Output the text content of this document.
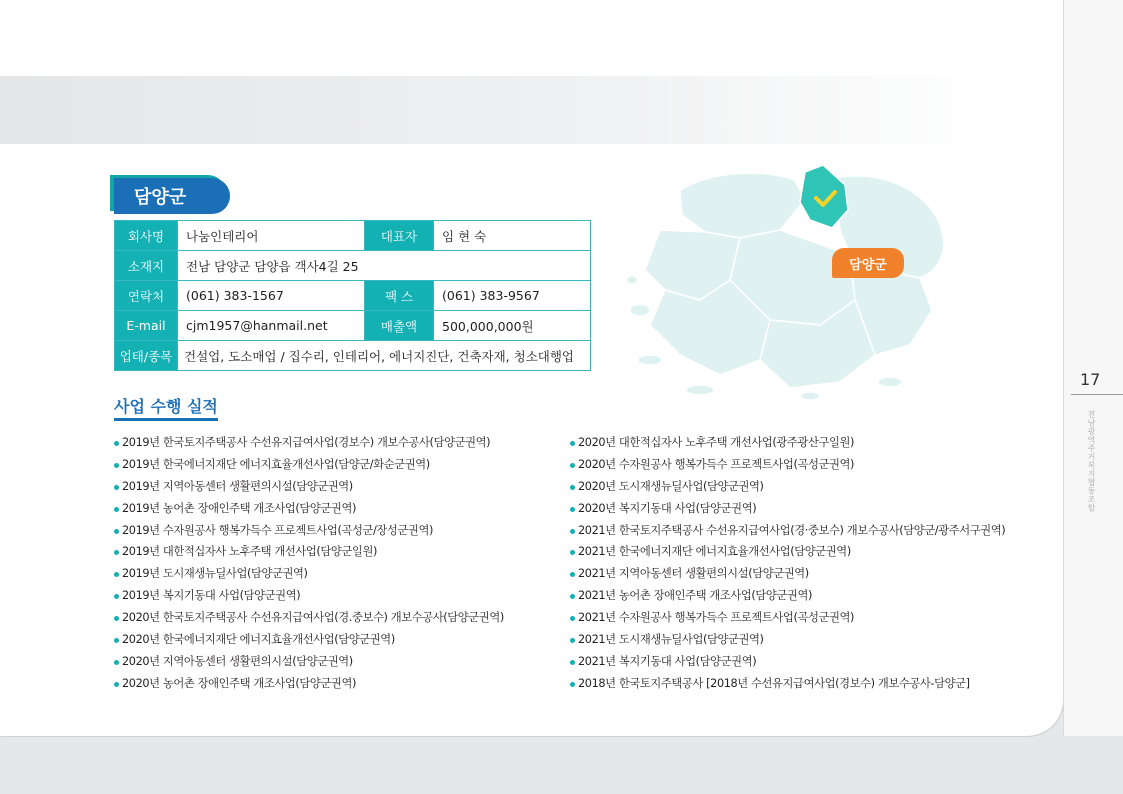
담양군
회사명	나눔인테리어	대표자	임 현 숙
소재지	전남 담양군 담양읍 객사4길 25		
연락처	(061) 383-1567	팩 스	(061) 383-9567
E-mail	cjm1957@hanmail.net	매출액	500,000,000원
업태/종목	건설업, 도소매업 / 집수리, 인테리어, 에너지진단, 건축자재, 청소대행업		
사업 수행 실적
2019년 한국토지주택공사 수선유지급여사업(경보수) 개보수공사(담양군권역)
2019년 한국에너지재단 에너지효율개선사업(담양군/화순군권역)
2019년 지역아동센터 생활편의시설(담양군권역)
2019년 농어촌 장애인주택 개조사업(담양군권역)
2019년 수자원공사 행복가득수 프로젝트사업(곡성군/장성군권역)
2019년 대한적십자사 노후주택 개선사업(담양군일원)
2019년 도시재생뉴딜사업(담양군권역)
2019년 복지기동대 사업(담양군권역)
2020년 한국토지주택공사 수선유지급여사업(경.중보수) 개보수공사(담양군권역)
2020년 한국에너지재단 에너지효율개선사업(담양군권역)
2020년 지역아동센터 생활편의시설(담양군권역)
2020년 농어촌 장애인주택 개조사업(담양군권역)
2020년 대한적십자사 노후주택 개선사업(광주광산구일원)
2020년 수자원공사 행복가득수 프로젝트사업(곡성군권역)
2020년 도시재생뉴딜사업(담양군권역)
2020년 복지기동대 사업(담양군권역)
2021년 한국토지주택공사 수선유지급여사업(경·중보수) 개보수공사(담양군/광주서구권역)
2021년 한국에너지재단 에너지효율개선사업(담양군권역)
2021년 지역아동센터 생활편의시설(담양군권역)
2021년 농어촌 장애인주택 개조사업(담양군권역)
2021년 수자원공사 행복가득수 프로젝트사업(곡성군권역)
2021년 도시재생뉴딜사업(담양군권역)
2021년 복지기동대 사업(담양군권역)
2018년 한국토지주택공사 [2018년 수선유지급여사업(경보수) 개보수공사-담양군]
담양군
17
전남광역주거복지협동조합
